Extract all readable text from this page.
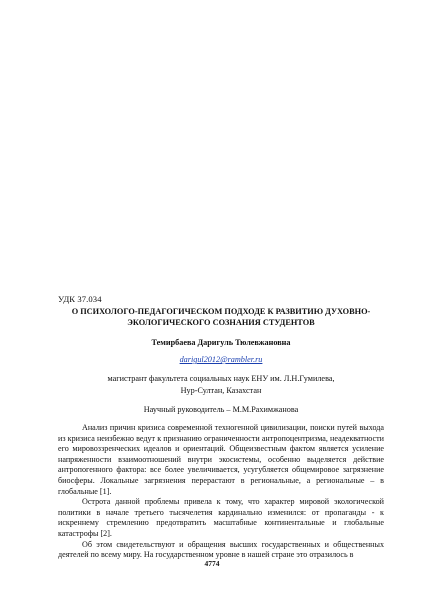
УДК 37.034
О ПСИХОЛОГО-ПЕДАГОГИЧЕСКОМ ПОДХОДЕ К РАЗВИТИЮ ДУХОВНО-
ЭКОЛОГИЧЕСКОГО СОЗНАНИЯ СТУДЕНТОВ
Темирбаева Даригуль Тюлевжановна
darigul2012@rambler.ru
магистрант факультета социальных наук ЕНУ им. Л.Н.Гумилева,
Нур-Султан, Казахстан
Научный руководитель – М.М.Рахимжанова

Анализ причин кризиса современной техногенной цивилизации, поиски путей выхода из кризиса неизбежно ведут к признанию ограниченности антропоцентризма, неадекватности его мировоззренческих идеалов и ориентаций. Общеизвестным фактом является усиление напряженности взаимоотношений внутри экосистемы, особенно выделяется действие антропогенного фактора: все более увеличивается, усугубляется общемировое загрязнение биосферы. Локальные загрязнения перерастают в региональные, а региональные – в глобальные [1].

Острота данной проблемы привела к тому, что характер мировой экологической политики в начале третьего тысячелетия кардинально изменился: от пропаганды - к искреннему стремлению предотвратить масштабные континентальные и глобальные катастрофы [2].

Об этом свидетельствуют и обращения высших государственных и общественных деятелей по всему миру. На государственном уровне в нашей стране это отразилось в

4774
